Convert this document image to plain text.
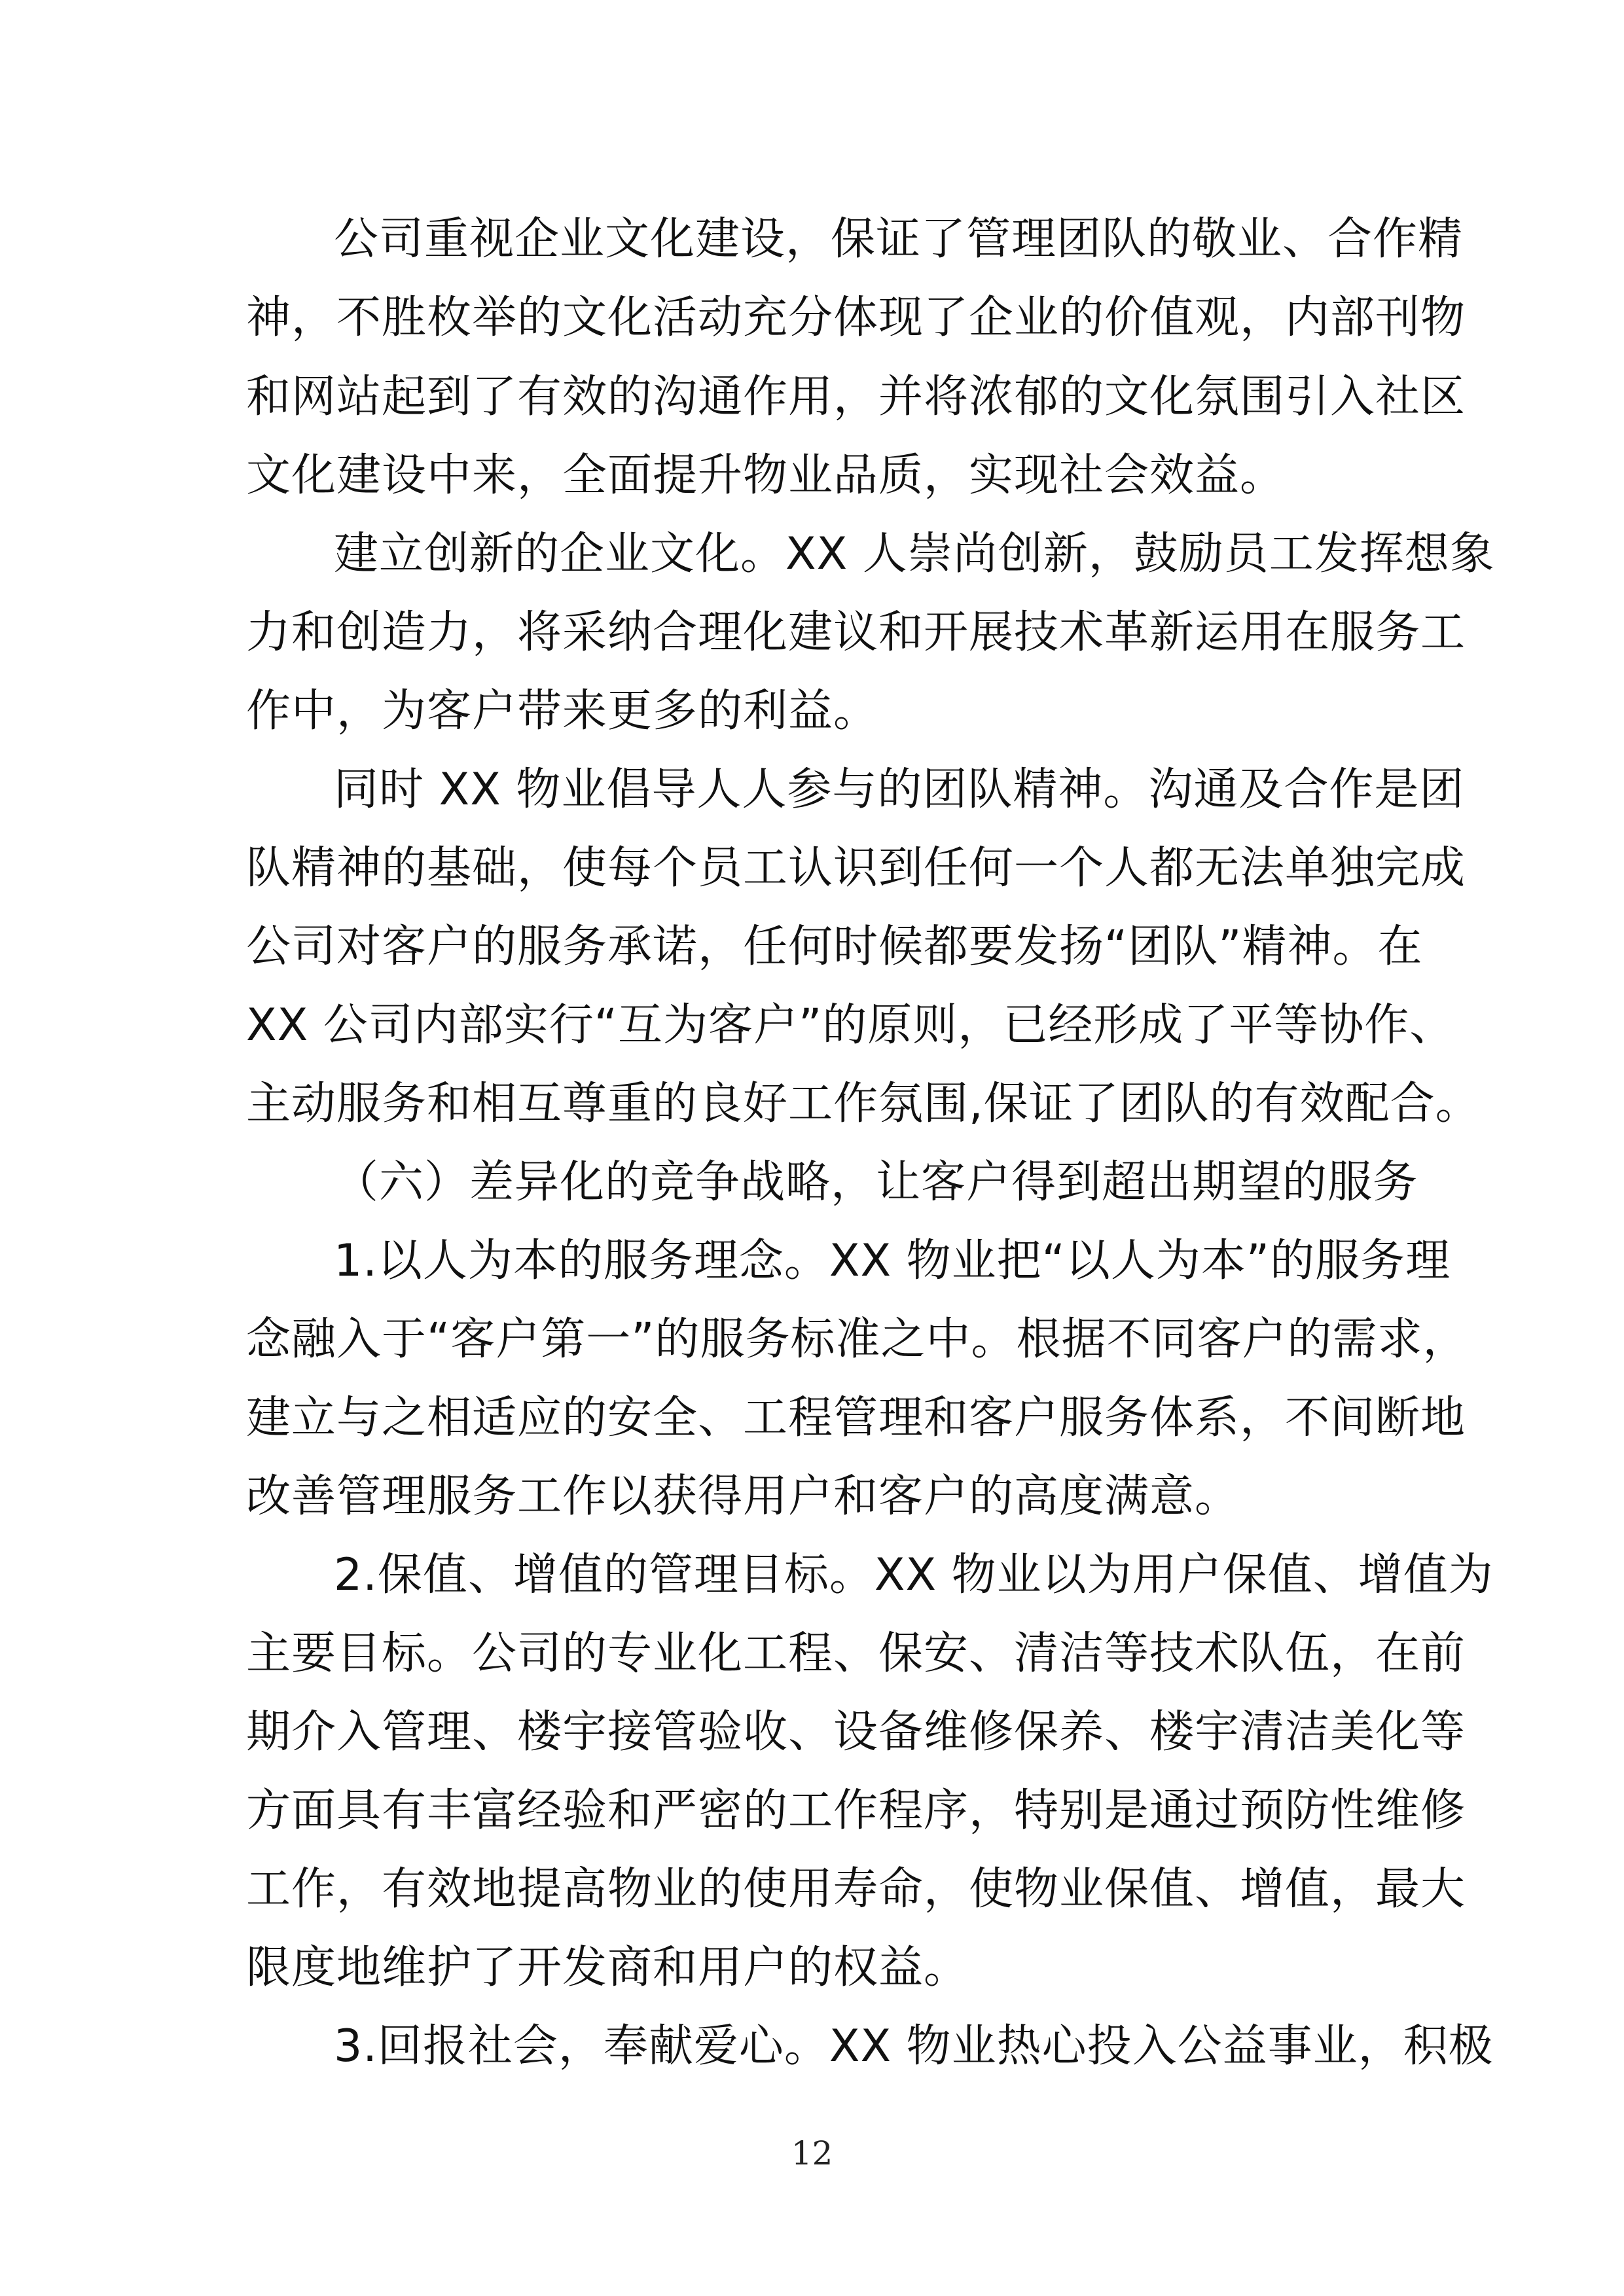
公司重视企业文化建设，保证了管理团队的敬业、合作精
神，不胜枚举的文化活动充分体现了企业的价值观，内部刊物
和网站起到了有效的沟通作用，并将浓郁的文化氛围引入社区
文化建设中来，全面提升物业品质，实现社会效益。
建立创新的企业文化。XX 人崇尚创新，鼓励员工发挥想象
力和创造力，将采纳合理化建议和开展技术革新运用在服务工
作中，为客户带来更多的利益。
同时 XX 物业倡导人人参与的团队精神。沟通及合作是团
队精神的基础，使每个员工认识到任何一个人都无法单独完成
公司对客户的服务承诺，任何时候都要发扬“团队”精神。在
XX 公司内部实行“互为客户”的原则，已经形成了平等协作、
主动服务和相互尊重的良好工作氛围,保证了团队的有效配合。
（六）差异化的竞争战略，让客户得到超出期望的服务
1.以人为本的服务理念。XX 物业把“以人为本”的服务理
念融入于“客户第一”的服务标准之中。根据不同客户的需求，
建立与之相适应的安全、工程管理和客户服务体系，不间断地
改善管理服务工作以获得用户和客户的高度满意。
2.保值、增值的管理目标。XX 物业以为用户保值、增值为
主要目标。公司的专业化工程、保安、清洁等技术队伍，在前
期介入管理、楼宇接管验收、设备维修保养、楼宇清洁美化等
方面具有丰富经验和严密的工作程序，特别是通过预防性维修
工作，有效地提高物业的使用寿命，使物业保值、增值，最大
限度地维护了开发商和用户的权益。
3.回报社会，奉献爱心。XX 物业热心投入公益事业，积极
12
